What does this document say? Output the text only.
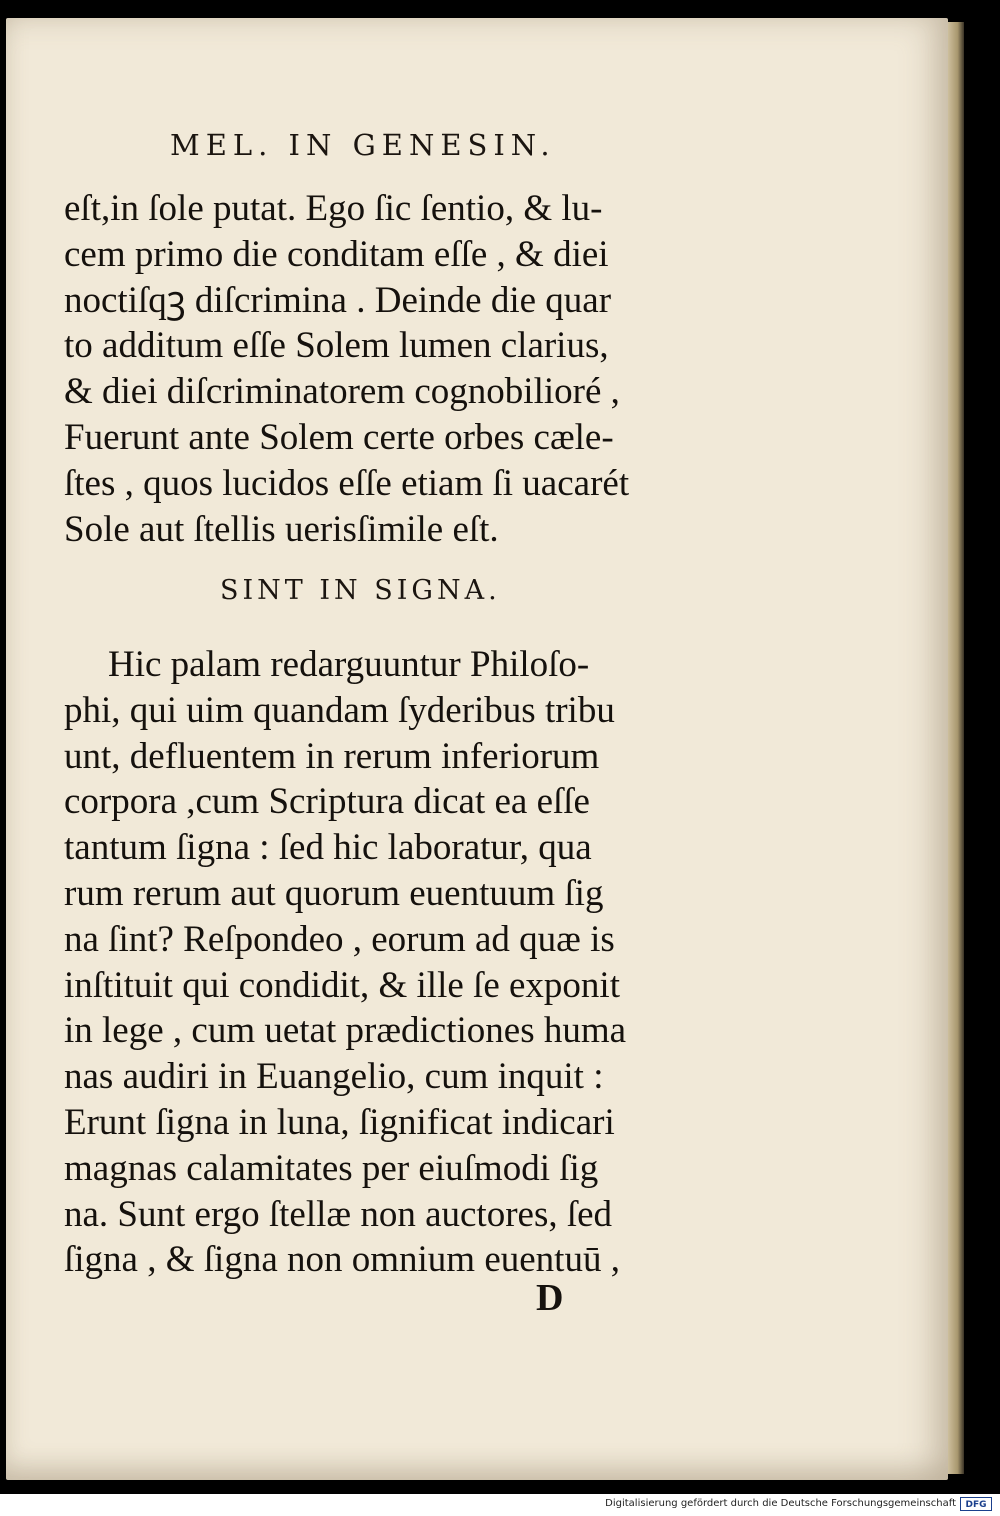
MEL. IN GENESIN.
eſt,in ſole putat. Ego ſic ſentio, & lu-
cem primo die conditam eſſe , & diei
noctiſqꝫ diſcrimina . Deinde die quar
to additum eſſe Solem lumen clarius,
& diei diſcriminatorem cognobilioré ,
Fuerunt ante Solem certe orbes cæle-
ſtes , quos lucidos eſſe etiam ſi uacarét
Sole aut ſtellis uerisſimile eſt.
SINT IN SIGNA.
Hic palam redarguuntur Philoſo-
phi, qui uim quandam ſyderibus tribu
unt, defluentem in rerum inferiorum
corpora ,cum Scriptura dicat ea eſſe
tantum ſigna : ſed hic laboratur, qua
rum rerum aut quorum euentuum ſig
na ſint? Reſpondeo , eorum ad quæ is
inſtituit qui condidit, & ille ſe exponit
in lege , cum uetat prædictiones huma
nas audiri in Euangelio, cum inquit :
Erunt ſigna in luna, ſignificat indicari
magnas calamitates per eiuſmodi ſig
na. Sunt ergo ſtellæ non auctores, ſed
ſigna , & ſigna non omnium euentuū ,
D
Digitalisierung gefördert durch die Deutsche Forschungsgemeinschaft	DFG
